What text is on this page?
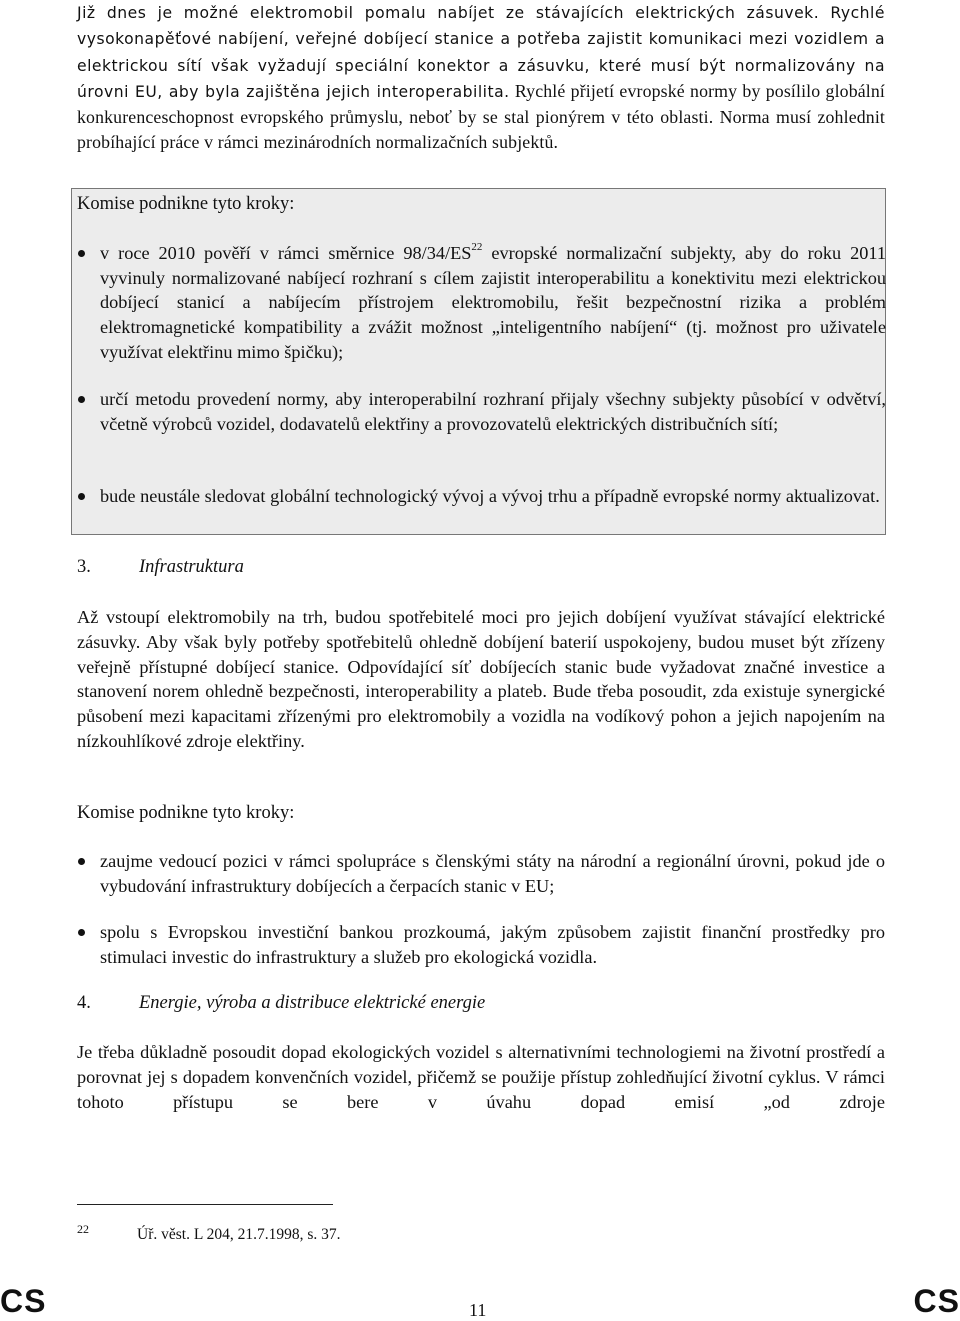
Již dnes je možné elektromobil pomalu nabíjet ze stávajících elektrických zásuvek. Rychlé vysokonapěťové nabíjení, veřejné dobíjecí stanice a potřeba zajistit komunikaci mezi vozidlem a elektrickou sítí však vyžadují speciální konektor a zásuvku, které musí být normalizovány na úrovni EU, aby byla zajištěna jejich interoperabilita. Rychlé přijetí evropské normy by posílilo globální konkurenceschopnost evropského průmyslu, neboť by se stal pionýrem v této oblasti. Norma musí zohlednit probíhající práce v rámci mezinárodních normalizačních subjektů.
Komise podnikne tyto kroky:
v roce 2010 pověří v rámci směrnice 98/34/ES$^{22}$ evropské normalizační subjekty, aby do roku 2011 vyvinuly normalizované nabíjecí rozhraní s cílem zajistit interoperabilitu a konektivitu mezi elektrickou dobíjecí stanicí a nabíjecím přístrojem elektromobilu, řešit bezpečnostní rizika a problém elektromagnetické kompatibility a zvážit možnost „inteligentního nabíjení“ (tj. možnost pro uživatele využívat elektřinu mimo špičku);
určí metodu provedení normy, aby interoperabilní rozhraní přijaly všechny subjekty působící v odvětví, včetně výrobců vozidel, dodavatelů elektřiny a provozovatelů elektrických distribučních sítí;
bude neustále sledovat globální technologický vývoj a vývoj trhu a případně evropské normy aktualizovat.
3.	Infrastruktura
Až vstoupí elektromobily na trh, budou spotřebitelé moci pro jejich dobíjení využívat stávající elektrické zásuvky. Aby však byly potřeby spotřebitelů ohledně dobíjení baterií uspokojeny, budou muset být zřízeny veřejně přístupné dobíjecí stanice. Odpovídající síť dobíjecích stanic bude vyžadovat značné investice a stanovení norem ohledně bezpečnosti, interoperability a plateb. Bude třeba posoudit, zda existuje synergické působení mezi kapacitami zřízenými pro elektromobily a vozidla na vodíkový pohon a jejich napojením na nízkouhlíkové zdroje elektřiny.
Komise podnikne tyto kroky:
zaujme vedoucí pozici v rámci spolupráce s členskými státy na národní a regionální úrovni, pokud jde o vybudování infrastruktury dobíjecích a čerpacích stanic v EU;
spolu s Evropskou investiční bankou prozkoumá, jakým způsobem zajistit finanční prostředky pro stimulaci investic do infrastruktury a služeb pro ekologická vozidla.
4.	Energie, výroba a distribuce elektrické energie
Je třeba důkladně posoudit dopad ekologických vozidel s alternativními technologiemi na životní prostředí a porovnat jej s dopadem konvenčních vozidel, přičemž se použije přístup zohledňující životní cyklus. V rámci tohoto přístupu se bere v úvahu dopad emisí „od zdroje
22	Úř. věst. L 204, 21.7.1998, s. 37.
CS	11	CS
